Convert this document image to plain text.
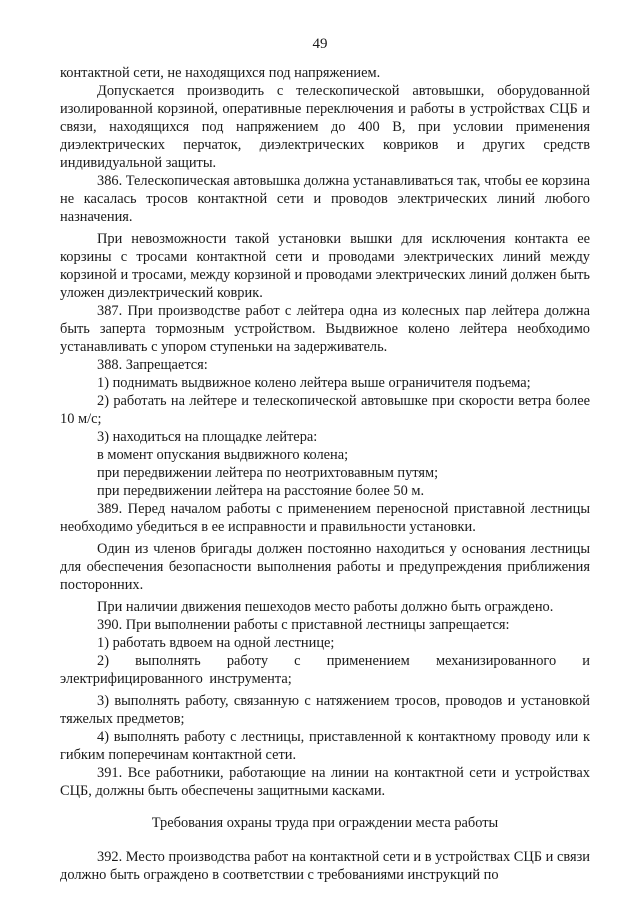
49

контактной сети, не находящихся под напряжением.

Допускается производить с телескопической автовышки, оборудованной изолированной корзиной, оперативные переключения и работы в устройствах СЦБ и связи, находящихся под напряжением до 400 В, при условии применения диэлектрических перчаток, диэлектрических ковриков и других средств индивидуальной защиты.

386. Телескопическая автовышка должна устанавливаться так, чтобы ее корзина не касалась тросов контактной сети и проводов электрических линий любого назначения.

При невозможности такой установки вышки для исключения контакта ее корзины с тросами контактной сети и проводами электрических линий между корзиной и тросами, между корзиной и проводами электрических линий должен быть уложен диэлектрический коврик.

387. При производстве работ с лейтера одна из колесных пар лейтера должна быть заперта тормозным устройством. Выдвижное колено лейтера необходимо устанавливать с упором ступеньки на задерживатель.

388. Запрещается:

1) поднимать выдвижное колено лейтера выше ограничителя подъема;

2) работать на лейтере и телескопической автовышке при скорости ветра более 10 м/с;

3) находиться на площадке лейтера:

в момент опускания выдвижного колена;

при передвижении лейтера по неотрихтовавным путям;

при передвижении лейтера на расстояние более 50 м.

389. Перед началом работы с применением переносной приставной лестницы необходимо убедиться в ее исправности и правильности установки.

Один из членов бригады должен постоянно находиться у основания лестницы для обеспечения безопасности выполнения работы и предупреждения приближения посторонних.

При наличии движения пешеходов место работы должно быть ограждено.

390. При выполнении работы с приставной лестницы запрещается:

1) работать вдвоем на одной лестнице;

2) выполнять работу с применением механизированного и электрифицированного инструмента;

3) выполнять работу, связанную с натяжением тросов, проводов и установкой тяжелых предметов;

4) выполнять работу с лестницы, приставленной к контактному проводу или к гибким поперечинам контактной сети.

391. Все работники, работающие на линии на контактной сети и устройствах СЦБ, должны быть обеспечены защитными касками.

Требования охраны труда при ограждении места работы

392. Место производства работ на контактной сети и в устройствах СЦБ и связи должно быть ограждено в соответствии с требованиями инструкций по
